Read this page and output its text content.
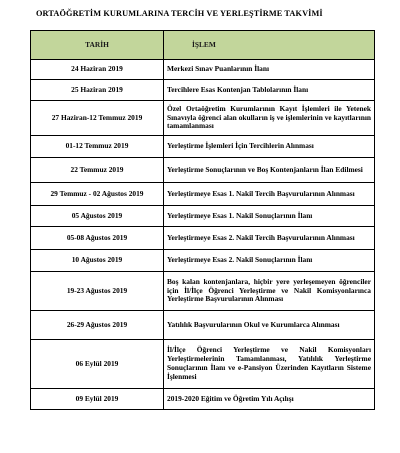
ORTAÖĞRETİM KURUMLARINA TERCİH VE YERLEŞTİRME TAKVİMİ
TARİH	İŞLEM
24 Haziran 2019	Merkezi Sınav Puanlarının İlanı
25 Haziran 2019	Tercihlere Esas Kontenjan Tablolarının İlanı
27 Haziran-12 Temmuz 2019	Özel Ortaöğretim Kurumlarının Kayıt İşlemleri ile Yetenek Sınavıyla öğrenci alan okulların iş ve işlemlerinin ve kayıtlarının tamamlanması
01-12 Temmuz 2019	Yerleştirme İşlemleri İçin Tercihlerin Alınması
22 Temmuz 2019	Yerleştirme Sonuçlarının ve Boş Kontenjanların İlan Edilmesi
29 Temmuz - 02 Ağustos 2019	Yerleştirmeye Esas 1. Nakil Tercih Başvurularının Alınması
05 Ağustos 2019	Yerleştirmeye Esas 1. Nakil Sonuçlarının İlanı
05-08 Ağustos 2019	Yerleştirmeye Esas 2. Nakil Tercih Başvurularının Alınması
10 Ağustos 2019	Yerleştirmeye Esas 2. Nakil Sonuçlarının İlanı
19-23 Ağustos 2019	Boş kalan kontenjanlara, hiçbir yere yerleşemeyen öğrenciler için İl/İlçe Öğrenci Yerleştirme ve Nakil Komisyonlarınca Yerleştirme Başvurularının Alınması
26-29 Ağustos 2019	Yatılılık Başvurularının Okul ve Kurumlarca Alınması
06 Eylül 2019	İl/İlçe Öğrenci Yerleştirme ve Nakil Komisyonları Yerleştirmelerinin Tamamlanması, Yatılılık Yerleştirme Sonuçlarının İlanı ve e-Pansiyon Üzerinden Kayıtların Sisteme İşlenmesi
09 Eylül 2019	2019-2020 Eğitim ve Öğretim Yılı Açılışı
